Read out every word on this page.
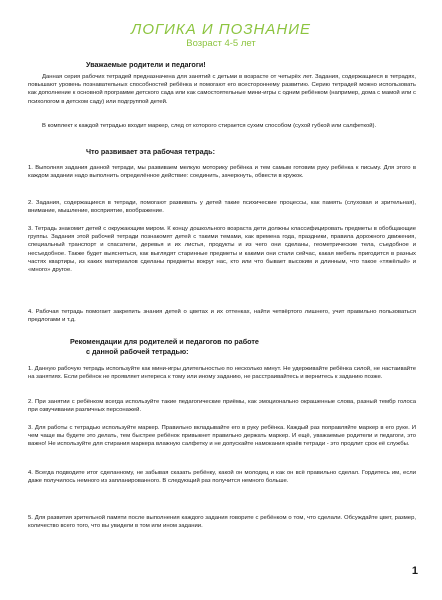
ЛОГИКА И ПОЗНАНИЕ
Возраст 4-5 лет
Уважаемые родители и педагоги!
Данная серия рабочих тетрадей предназначена для занятий с детьми в возрасте от четырёх лет. Задания, содержащиеся в тетрадях, повышают уровень познавательных способностей ребёнка и помогают его всестороннему развитию. Серию тетрадей можно использовать как дополнение к основной программе детского сада или как самостоятельные мини-игры с одним ребёнком (например, дома с мамой или с психологом в детском саду) или подгруппой детей.
В комплект к каждой тетрадью входит маркер, след от которого стирается сухим способом (сухой губкой или салфеткой).
Что развивает эта рабочая тетрадь:
1. Выполняя задания данной тетради, мы развиваем мелкую моторику ребёнка и тем самым готовим руку ребёнка к письму. Для этого в каждом задании надо выполнить определённое действие: соединить, зачеркнуть, обвести в кружок.
2. Задания, содержащиеся в тетради, помогают развивать у детей такие психические процессы, как память (слуховая и зрительная), внимание, мышление, восприятие, воображение.
3. Тетрадь знакомит детей с окружающим миром. К концу дошкольного возраста дети должны классифицировать предметы в обобщающие группы. Задания этой рабочей тетради познакомят детей с такими темами, как времена года, праздники, правила дорожного движения, специальный транспорт и спасатели, деревья и их листья, продукты и из чего они сделаны, геометрические тела, съедобное и несъедобное. Также будет выясняться, как выглядят старинные предметы и какими они стали сейчас, какая мебель пригодится в разных частях квартиры, из каких материалов сделаны предметы вокруг нас, кто или что бывает высоким и длинным, что такое «тяжёлый» и «много» другое.
4. Рабочая тетрадь помогает закрепить знания детей о цветах и их оттенках, найти четвёртого лишнего, учит правильно пользоваться предлогами и т.д.
Рекомендации для родителей и педагогов по работе
с данной рабочей тетрадью:
1. Данную рабочую тетрадь используйте как мини-игры длительностью по несколько минут. Не удерживайте ребёнка силой, не настаивайте на занятиях. Если ребёнок не проявляет интереса к тому или иному заданию, не расстраивайтесь и вернитесь к заданию позже.
2. При занятии с ребёнком всегда используйте такие педагогические приёмы, как эмоционально окрашенные слова, разный тембр голоса при озвучивании различных персонажей.
3. Для работы с тетрадью используйте маркер. Правильно вкладывайте его в руку ребёнка. Каждый раз поправляйте маркер в его руке. И чем чаще вы будете это делать, тем быстрее ребёнок привыкнет правильно держать маркер. И ещё, уважаемые родители и педагоги, это важно! Не используйте для стирания маркера влажную салфетку и не допускайте намокания краёв тетради - это продлит срок её службы.
4. Всегда подводите итог сделанному, не забывая сказать ребёнку, какой он молодец и как он всё правильно сделал. Гордитесь им, если даже получилось немного из запланированного. В следующий раз получится немного больше.
5. Для развития зрительной памяти после выполнения каждого задания говорите с ребёнком о том, что сделали. Обсуждайте цвет, размер, количество всего того, что вы увидели в том или ином задании.
1
